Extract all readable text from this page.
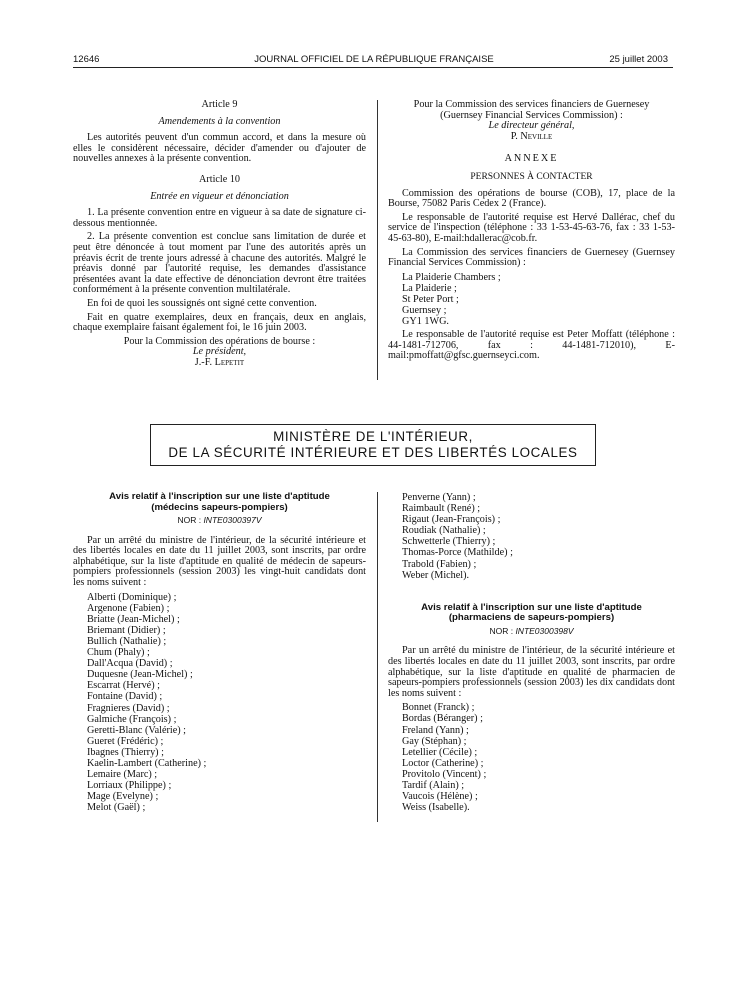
12646	JOURNAL OFFICIEL DE LA RÉPUBLIQUE FRANÇAISE	25 juillet 2003
Article 9
Amendements à la convention

Les autorités peuvent d'un commun accord, et dans la mesure où elles le considèrent nécessaire, décider d'amender ou d'ajouter de nouvelles annexes à la présente convention.

Article 10
Entrée en vigueur et dénonciation

1. La présente convention entre en vigueur à sa date de signature ci-dessous mentionnée.

2. La présente convention est conclue sans limitation de durée et peut être dénoncée à tout moment par l'une des autorités après un préavis écrit de trente jours adressé à chacune des autorités. Malgré le préavis donné par l'autorité requise, les demandes d'assistance présentées avant la date effective de dénonciation devront être traitées conformément à la présente convention multilatérale.

En foi de quoi les soussignés ont signé cette convention.

Fait en quatre exemplaires, deux en français, deux en anglais, chaque exemplaire faisant également foi, le 16 juin 2003.

Pour la Commission des opérations de bourse :
Le président,
J.-F. Lepetit
Pour la Commission des services financiers de Guernesey (Guernsey Financial Services Commission) :
Le directeur général,
P. Neville
ANNEXE
PERSONNES À CONTACTER

Commission des opérations de bourse (COB), 17, place de la Bourse, 75082 Paris Cedex 2 (France).

Le responsable de l'autorité requise est Hervé Dallérac, chef du service de l'inspection (téléphone : 33 1-53-45-63-76, fax : 33 1-53-45-63-80), E-mail:hdallerac@cob.fr.

La Commission des services financiers de Guernesey (Guernsey Financial Services Commission) :

La Plaiderie Chambers ;
La Plaiderie ;
St Peter Port ;
Guernsey ;
GY1 1WG.

Le responsable de l'autorité requise est Peter Moffatt (téléphone : 44-1481-712706, fax : 44-1481-712010), E-mail:pmoffatt@gfsc.guernseyci.com.

MINISTÈRE DE L'INTÉRIEUR,
DE LA SÉCURITÉ INTÉRIEURE ET DES LIBERTÉS LOCALES
Avis relatif à l'inscription sur une liste d'aptitude
(médecins sapeurs-pompiers)
NOR : INTE0300397V

Par un arrêté du ministre de l'intérieur, de la sécurité intérieure et des libertés locales en date du 11 juillet 2003, sont inscrits, par ordre alphabétique, sur la liste d'aptitude en qualité de médecin de sapeurs-pompiers professionnels (session 2003) les vingt-huit candidats dont les noms suivent :

Alberti (Dominique) ;
Argenone (Fabien) ;
Briatte (Jean-Michel) ;
Briemant (Didier) ;
Bullich (Nathalie) ;
Chum (Phaly) ;
Dall'Acqua (David) ;
Duquesne (Jean-Michel) ;
Escarrat (Hervé) ;
Fontaine (David) ;
Fragnieres (David) ;
Galmiche (François) ;
Geretti-Blanc (Valérie) ;
Gueret (Frédéric) ;
Ibagnes (Thierry) ;
Kaelin-Lambert (Catherine) ;
Lemaire (Marc) ;
Lorriaux (Philippe) ;
Mage (Evelyne) ;
Melot (Gaël) ;
Penverne (Yann) ;
Raimbault (René) ;
Rigaut (Jean-François) ;
Roudiak (Nathalie) ;
Schwetterle (Thierry) ;
Thomas-Porce (Mathilde) ;
Trabold (Fabien) ;
Weber (Michel).
Avis relatif à l'inscription sur une liste d'aptitude
(pharmaciens de sapeurs-pompiers)
NOR : INTE0300398V

Par un arrêté du ministre de l'intérieur, de la sécurité intérieure et des libertés locales en date du 11 juillet 2003, sont inscrits, par ordre alphabétique, sur la liste d'aptitude en qualité de pharmacien de sapeurs-pompiers professionnels (session 2003) les dix candidats dont les noms suivent :

Bonnet (Franck) ;
Bordas (Béranger) ;
Freland (Yann) ;
Gay (Stéphan) ;
Letellier (Cécile) ;
Loctor (Catherine) ;
Provitolo (Vincent) ;
Tardif (Alain) ;
Vaucois (Hélène) ;
Weiss (Isabelle).
